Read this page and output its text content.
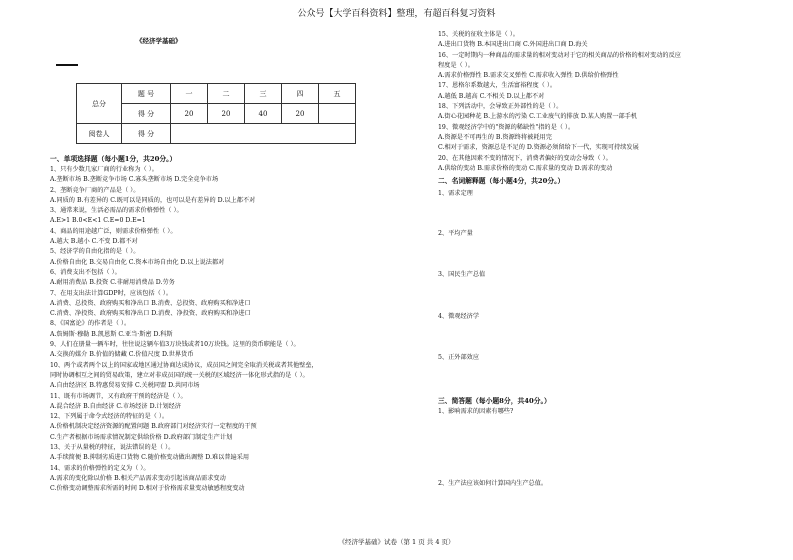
公众号【大学百科资料】整理，有超百科复习资料
《经济学基础》
总分	题 号	一	二	三	四	五
	得 分	20	20	40	20	
阅卷人	得 分					
一、单项选择题（每小题1分，共20分。）
1、只有少数几家厂商的行业称为（ ）。
A.垄断市场 B.垄断竞争市场 C.寡头垄断市场 D.完全竞争市场
2、垄断竞争厂商的产品是（ ）。
A.同质的 B.有差异的 C.既可以是同质的，也可以是有差异的 D.以上都不对
3、通常来说，生活必需品的需求价格弹性（ ）。
A.E>1 B.0<E<1 C.E=0 D.E=1
4、商品的用途越广泛，则需求价格弹性（ ）。
A.越大 B.越小 C.不变 D.都不对
5、经济学的自由化指的是（ ）。
A.价格自由化 B.交易自由化 C.资本市场自由化 D.以上说法都对
6、消费支出不包括（ ）。
A.耐用消费品 B.投资 C.非耐用消费品 D.劳务
7、在用支出法计算GDP时，应该包括（ ）。
A.消费、总投资、政府购买和净出口 B.消费、总投资、政府购买和净进口
C.消费、净投资、政府购买和净出口 D.消费、净投资、政府购买和净进口
8、《国富论》的作者是（ ）。
A.詹姆斯·穆勒 B.凯恩斯 C.亚当·斯密 D.科斯
9、人们在册量一辆车时，往往说这辆车值3万块钱或者10万块钱。这里的货币职能是（ ）。
A.交换的媒介 B.价值的储藏 C.价值尺度 D.世界货币
10、两个或者两个以上的国家或地区通过协商达成协议，成员国之间完全取消关税或者其他壁垒，
同时协调相互之间的贸易政策，建立对非成员国的统一关税的区域经济一体化形式指的是（ ）。
A.自由经济区 B.特惠贸易安排 C.关税同盟 D.共同市场
11、既有市场调节，又有政府干预的经济是（ ）。
A.混合经济 B.自由经济 C.市场经济 D.计划经济
12、下列属于命令式经济的特征的是（ ）。
A.价格机制决定经济资源的配置问题 B.政府部门对经济实行一定程度的干预
C.生产者根据市场需求情况制定供给价格 D.政府部门制定生产计划
13、关于从量税的特征，说法错误的是（ ）。
A.手续简便 B.抑制劣质进口货物 C.随价格变动做出调整 D.难以普遍采用
14、需求的价格弹性的定义为（ ）。
A.需求的变化除以价格 B.相关产品需求变动引起该商品需求变动
C.价格变动调整需求所需的时间 D.相对于价格需求量变动敏感程度变动
15、关税的征收主体是（ ）。
A.进出口货物 B.本国进出口商 C.外国进出口商 D.海关
16、一定时期内一种商品的需求量的相对变动对于它的相关商品的价格的相对变动的反应
程度是（ ）。
A.需求价格弹性 B.需求交叉弹性 C.需求收入弹性 D.供给价格弹性
17、恩格尔系数越大，生活富裕程度（ ）。
A.越低 B.越高 C.不相关 D.以上都不对
18、下列活动中，会导致正外部性的是（ ）。
A.街心花园种花 B.上游水的污染 C.工业废气的排放 D.某人购置一部手机
19、微观经济学中的"资源的稀缺性"指的是（ ）。
A.资源是不可再生的 B.资源终将被耗用完
C.相对于需求，资源总是不足的 D.资源必须留给下一代，实现可持续发展
20、在其他因素不变的情况下，消费者偏好的变动会导致（ ）。
A.供给的变动 B.需求价格的变动 C.需求量的变动 D.需求的变动
二、名词解释题（每小题4分，共20分。）
1、需求定理
2、平均产量
3、国民生产总值
4、微观经济学
5、正外部效应
三、简答题（每小题8分，共40分。）
1、影响需求的因素有哪些?
2、生产法应该如何计算国内生产总值。
《经济学基础》试卷（第 1 页 共 4 页）
